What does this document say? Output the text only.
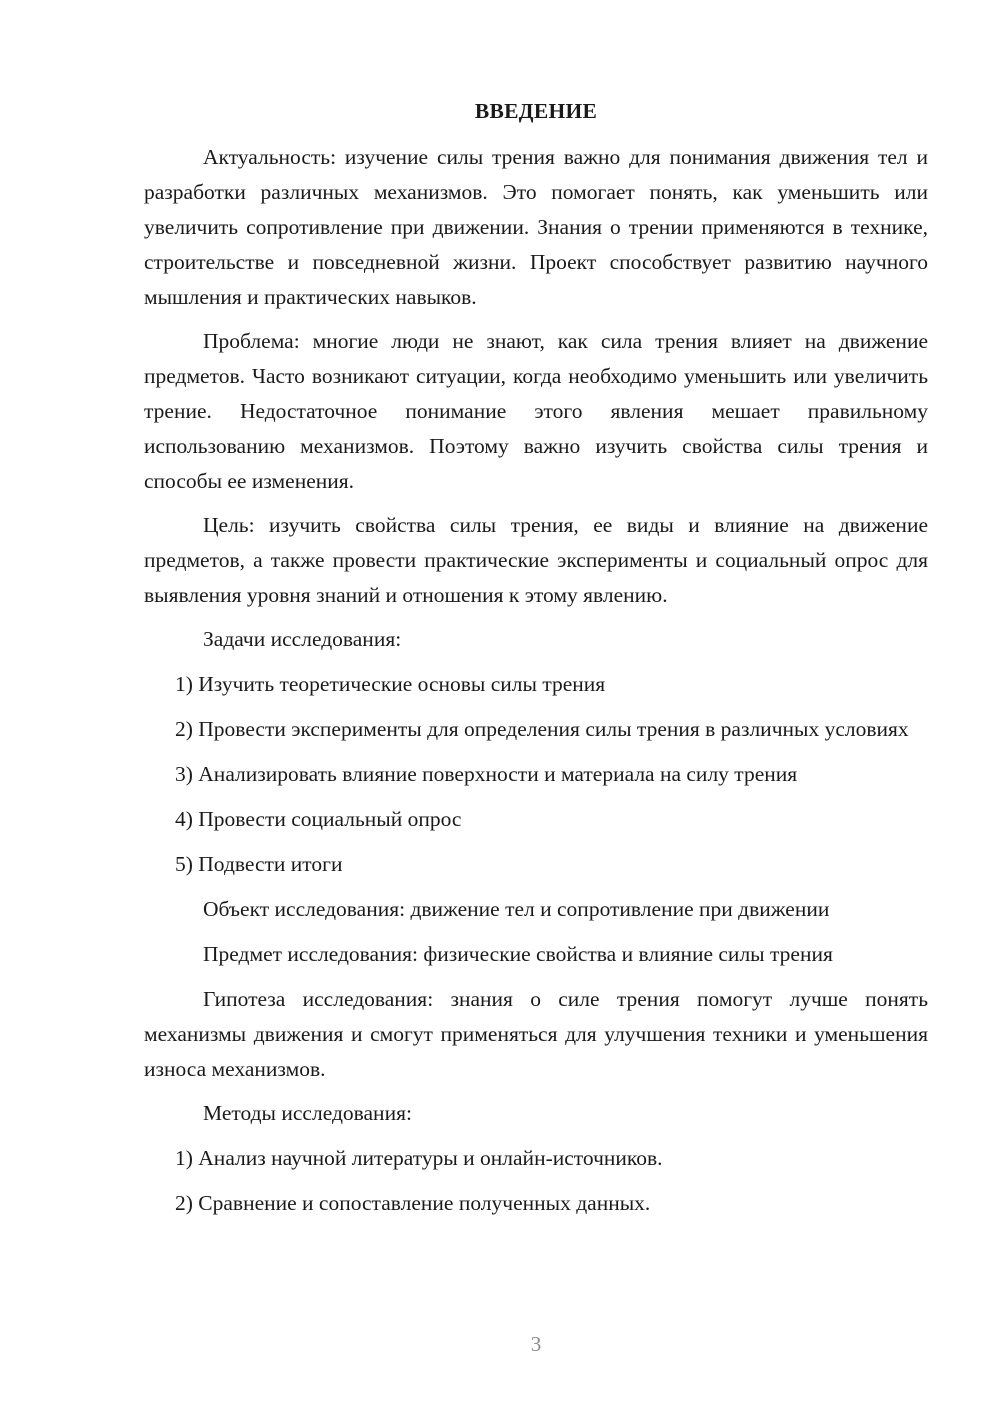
ВВЕДЕНИЕ

Актуальность: изучение силы трения важно для понимания движения тел и разработки различных механизмов. Это помогает понять, как уменьшить или увеличить сопротивление при движении. Знания о трении применяются в технике, строительстве и повседневной жизни. Проект способствует развитию научного мышления и практических навыков.

Проблема: многие люди не знают, как сила трения влияет на движение предметов. Часто возникают ситуации, когда необходимо уменьшить или увеличить трение. Недостаточное понимание этого явления мешает правильному использованию механизмов. Поэтому важно изучить свойства силы трения и способы ее изменения.

Цель: изучить свойства силы трения, ее виды и влияние на движение предметов, а также провести практические эксперименты и социальный опрос для выявления уровня знаний и отношения к этому явлению.

Задачи исследования:
1) Изучить теоретические основы силы трения
2) Провести эксперименты для определения силы трения в различных условиях
3) Анализировать влияние поверхности и материала на силу трения
4) Провести социальный опрос
5) Подвести итоги
Объект исследования: движение тел и сопротивление при движении
Предмет исследования: физические свойства и влияние силы трения

Гипотеза исследования: знания о силе трения помогут лучше понять механизмы движения и смогут применяться для улучшения техники и уменьшения износа механизмов.

Методы исследования:
1) Анализ научной литературы и онлайн-источников.
2) Сравнение и сопоставление полученных данных.
3
